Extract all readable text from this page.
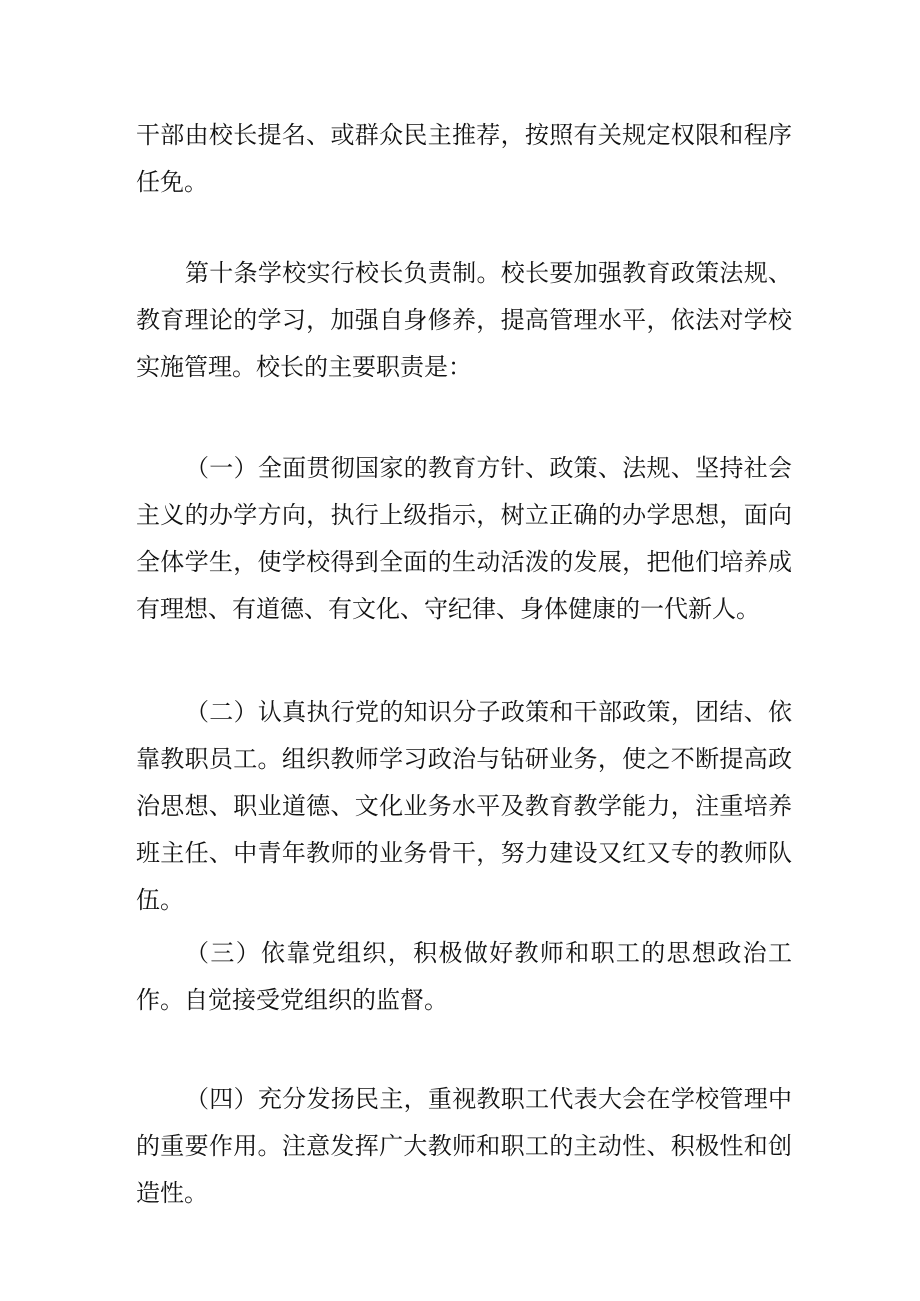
干部由校长提名、或群众民主推荐，按照有关规定权限和程序任免。

第十条学校实行校长负责制。校长要加强教育政策法规、教育理论的学习，加强自身修养，提高管理水平，依法对学校实施管理。校长的主要职责是：

（一）全面贯彻国家的教育方针、政策、法规、坚持社会主义的办学方向，执行上级指示，树立正确的办学思想，面向全体学生，使学校得到全面的生动活泼的发展，把他们培养成有理想、有道德、有文化、守纪律、身体健康的一代新人。

（二）认真执行党的知识分子政策和干部政策，团结、依靠教职员工。组织教师学习政治与钻研业务，使之不断提高政治思想、职业道德、文化业务水平及教育教学能力，注重培养班主任、中青年教师的业务骨干，努力建设又红又专的教师队伍。

（三）依靠党组织，积极做好教师和职工的思想政治工作。自觉接受党组织的监督。

（四）充分发扬民主，重视教职工代表大会在学校管理中的重要作用。注意发挥广大教师和职工的主动性、积极性和创造性。
